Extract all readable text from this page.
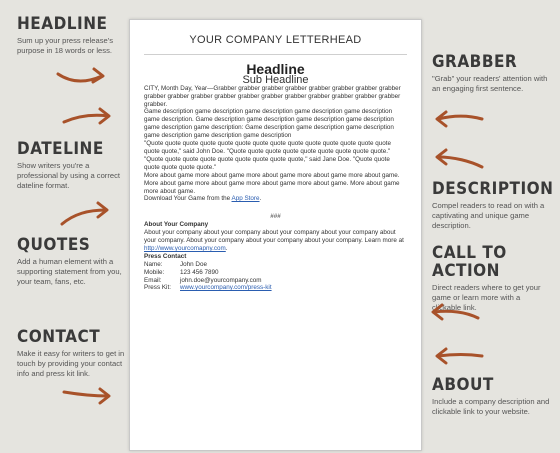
HEADLINE

Sum up your press release's purpose in 18 words or less.

DATELINE

Show writers you're a professional by using a correct dateline format.

QUOTES

Add a human element with a supporting statement from you, your team, fans, etc.

CONTACT

Make it easy for writers to get in touch by providing your contact info and press kit link.

GRABBER

"Grab" your readers' attention with an engaging first sentence.

DESCRIPTION

Compel readers to read on with a captivating and unique game description.

CALL TO ACTION

Direct readers where to get your game or learn more with a clickable link.

ABOUT

Include a company description and clickable link to your website.

YOUR COMPANY LETTERHEAD
Headline
Sub Headline

CITY, Month Day, Year—Grabber grabber grabber grabber grabber grabber grabber grabber grabber grabber grabber grabber grabber grabber grabber grabber grabber grabber grabber grabber.

Game description game description game description game description game description game description. Game description game description game description game description game description game description: Game description game description game description game description game description game description

"Quote quote quote quote quote quote quote quote quote quote quote quote quote quote quote quote," said John Doe. "Quote quote quote quote quote quote quote quote quote."

"Quote quote quote quote quote quote quote quote quote," said Jane Doe. "Quote quote quote quote quote quote."

More about game more about game more about game more about game more about game. More about game more about game more about game more about game. More about game more about game.

Download Your Game from the App Store.

###

About Your Company

About your company about your company about your company about your company about your company. About your company about your company about your company. Learn more at http://www.yourcomapny.com.

Press Contact

Name:	John Doe
Mobile:	123 456 7890
Email:	john.doe@yourcompany.com
Press Kit:	www.yourcompany.com/press-kit
